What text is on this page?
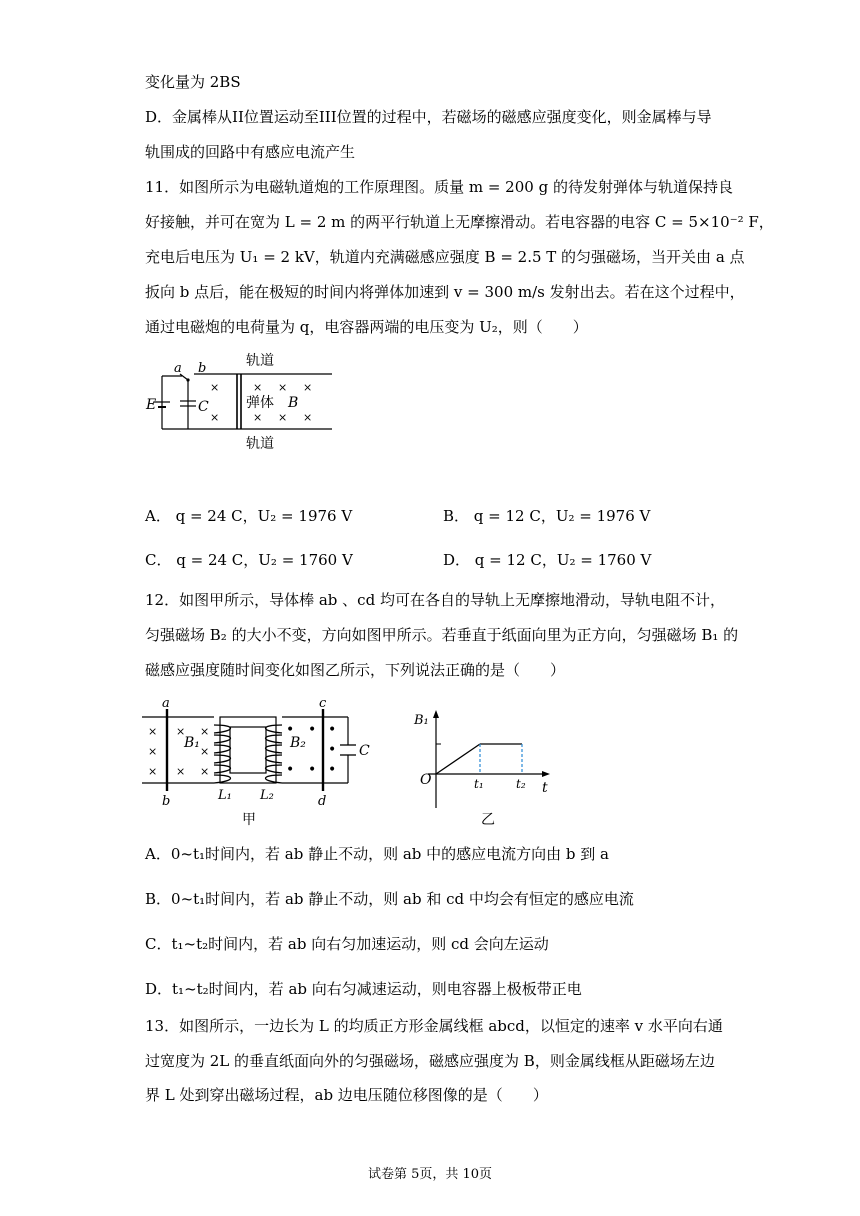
变化量为 2BS
D．金属棒从II位置运动至III位置的过程中，若磁场的磁感应强度变化，则金属棒与导
轨围成的回路中有感应电流产生
11．如图所示为电磁轨道炮的工作原理图。质量 m = 200 g 的待发射弹体与轨道保持良
好接触，并可在宽为 L = 2 m 的两平行轨道上无摩擦滑动。若电容器的电容 C = 5×10⁻² F，
充电后电压为 U₁ = 2 kV，轨道内充满磁感应强度 B = 2.5 T 的匀强磁场，当开关由 a 点
扳向 b 点后，能在极短的时间内将弹体加速到 v = 300 m/s 发射出去。若在这个过程中，
通过电磁炮的电荷量为 q，电容器两端的电压变为 U₂，则（　　）
轨道
轨道
弹体 B
× × ×
× × ×
×
×
E	C
a b
A． q = 24 C，U₂ = 1976 V	B． q = 12 C，U₂ = 1976 V
C． q = 24 C，U₂ = 1760 V	D． q = 12 C，U₂ = 1760 V
12．如图甲所示，导体棒 ab 、cd 均可在各自的导轨上无摩擦地滑动，导轨电阻不计，
匀强磁场 B₂ 的大小不变，方向如图甲所示。若垂直于纸面向里为正方向，匀强磁场 B₁ 的
磁感应强度随时间变化如图乙所示，下列说法正确的是（　　）
a
b
×
×
×
× ×
×
× ×
B₁
L₁ L₂
C
c
d
B₂
• • •
•
• • •
甲
B₁
t
O	t₁	t₂
乙
A．0~t₁时间内，若 ab 静止不动，则 ab 中的感应电流方向由 b 到 a
B．0~t₁时间内，若 ab 静止不动，则 ab 和 cd 中均会有恒定的感应电流
C．t₁~t₂时间内，若 ab 向右匀加速运动，则 cd 会向左运动
D．t₁~t₂时间内，若 ab 向右匀减速运动，则电容器上极板带正电
13．如图所示，一边长为 L 的均质正方形金属线框 abcd，以恒定的速率 v 水平向右通
过宽度为 2L 的垂直纸面向外的匀强磁场，磁感应强度为 B，则金属线框从距磁场左边
界 L 处到穿出磁场过程，ab 边电压随位移图像的是（　　）
试卷第 5页，共 10页
